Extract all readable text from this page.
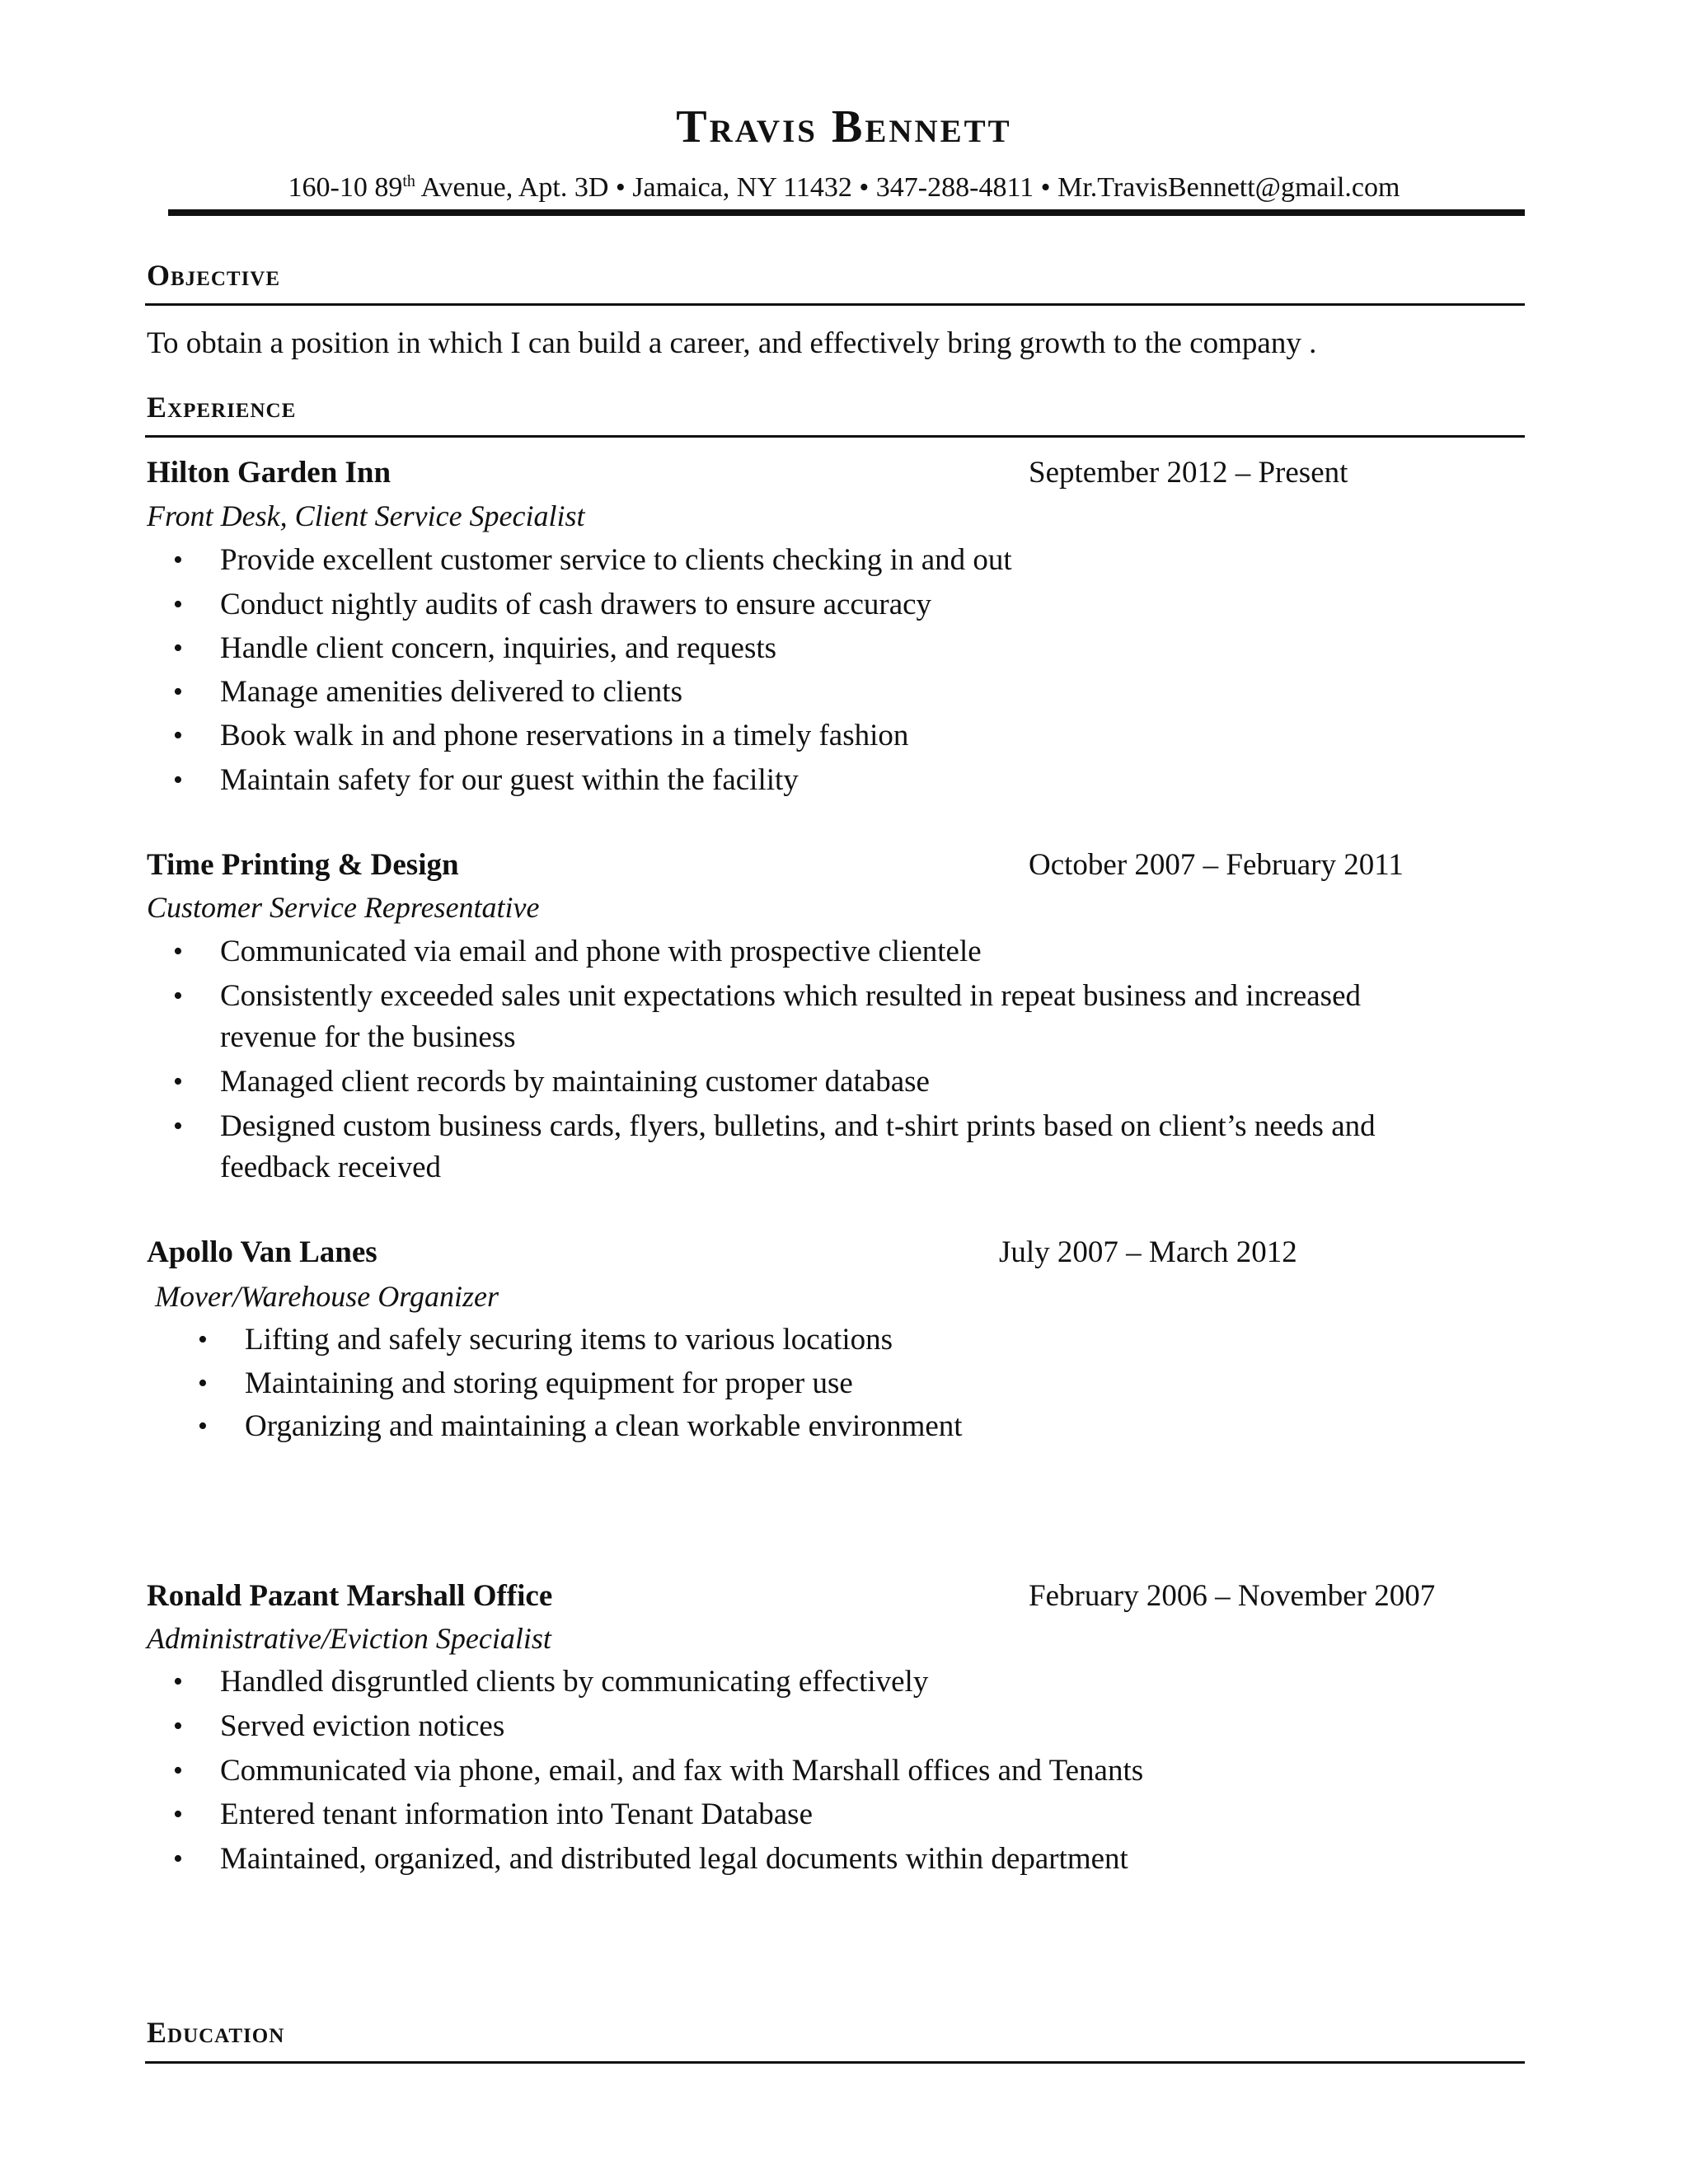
Travis Bennett
160-10 89th Avenue, Apt. 3D • Jamaica, NY 11432 • 347-288-4811 • Mr.TravisBennett@gmail.com
Objective
To obtain a position in which I can build a career, and effectively bring growth to the company .
Experience
Hilton Garden Inn	September 2012 – Present
Front Desk, Client Service Specialist
• Provide excellent customer service to clients checking in and out
• Conduct nightly audits of cash drawers to ensure accuracy
• Handle client concern, inquiries, and requests
• Manage amenities delivered to clients
• Book walk in and phone reservations in a timely fashion
• Maintain safety for our guest within the facility
Time Printing & Design	October 2007 – February 2011
Customer Service Representative
• Communicated via email and phone with prospective clientele
• Consistently exceeded sales unit expectations which resulted in repeat business and increased
revenue for the business
• Managed client records by maintaining customer database
• Designed custom business cards, flyers, bulletins, and t-shirt prints based on client’s needs and
feedback received
Apollo Van Lanes	July 2007 – March 2012
Mover/Warehouse Organizer
• Lifting and safely securing items to various locations
• Maintaining and storing equipment for proper use
• Organizing and maintaining a clean workable environment
Ronald Pazant Marshall Office	February 2006 – November 2007
Administrative/Eviction Specialist
• Handled disgruntled clients by communicating effectively
• Served eviction notices
• Communicated via phone, email, and fax with Marshall offices and Tenants
• Entered tenant information into Tenant Database
• Maintained, organized, and distributed legal documents within department
Education
